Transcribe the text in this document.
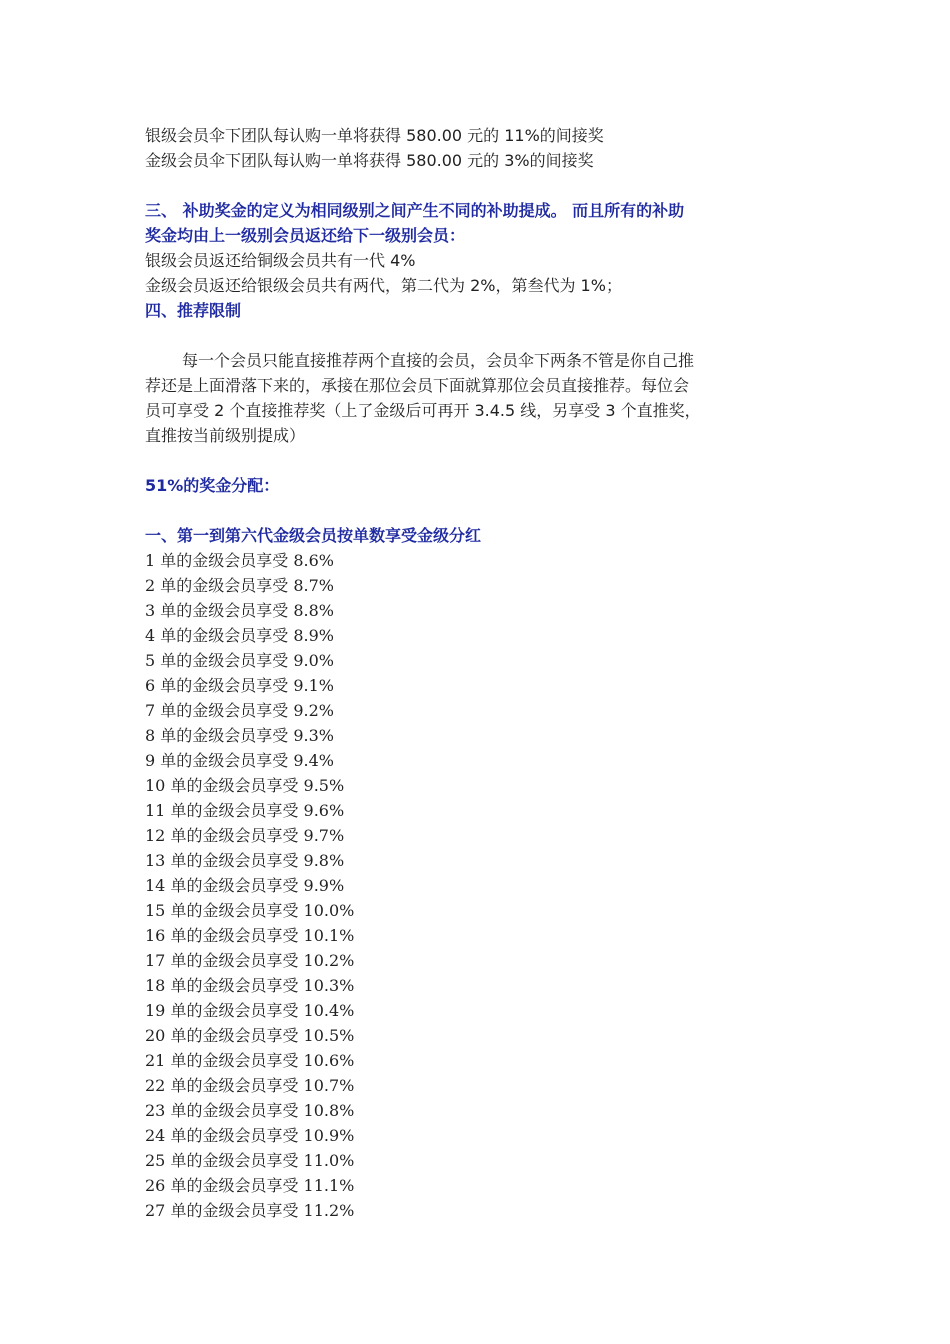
银级会员伞下团队每认购一单将获得 580.00 元的 11%的间接奖

金级会员伞下团队每认购一单将获得 580.00 元的 3%的间接奖

三、 补助奖金的定义为相同级别之间产生不同的补助提成。 而且所有的补助

奖金均由上一级别会员返还给下一级别会员：

银级会员返还给铜级会员共有一代 4%

金级会员返还给银级会员共有两代，第二代为 2%，第叁代为 1%；

四、推荐限制

每一个会员只能直接推荐两个直接的会员，会员伞下两条不管是你自己推

荐还是上面滑落下来的，承接在那位会员下面就算那位会员直接推荐。每位会

员可享受 2 个直接推荐奖（上了金级后可再开 3.4.5 线，另享受 3 个直推奖，

直推按当前级别提成）

51%的奖金分配：

一、第一到第六代金级会员按单数享受金级分红

1 单的金级会员享受 8.6%

2 单的金级会员享受 8.7%

3 单的金级会员享受 8.8%

4 单的金级会员享受 8.9%

5 单的金级会员享受 9.0%

6 单的金级会员享受 9.1%

7 单的金级会员享受 9.2%

8 单的金级会员享受 9.3%

9 单的金级会员享受 9.4%

10 单的金级会员享受 9.5%

11 单的金级会员享受 9.6%

12 单的金级会员享受 9.7%

13 单的金级会员享受 9.8%

14 单的金级会员享受 9.9%

15 单的金级会员享受 10.0%

16 单的金级会员享受 10.1%

17 单的金级会员享受 10.2%

18 单的金级会员享受 10.3%

19 单的金级会员享受 10.4%

20 单的金级会员享受 10.5%

21 单的金级会员享受 10.6%

22 单的金级会员享受 10.7%

23 单的金级会员享受 10.8%

24 单的金级会员享受 10.9%

25 单的金级会员享受 11.0%

26 单的金级会员享受 11.1%

27 单的金级会员享受 11.2%
